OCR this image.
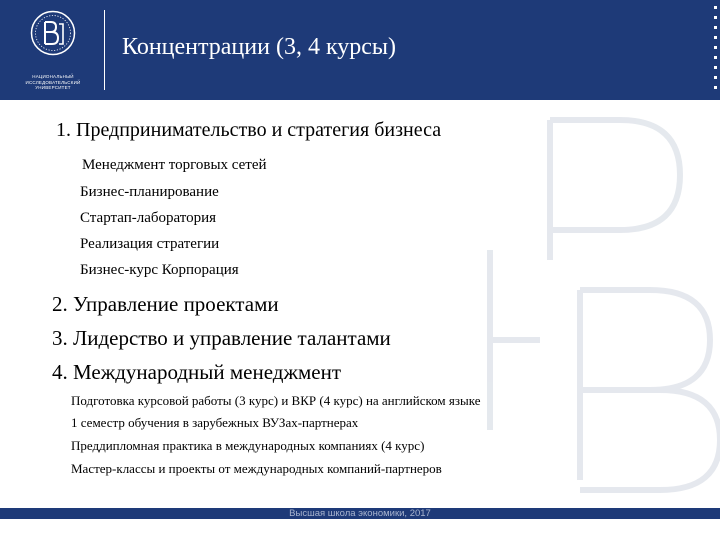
НАЦИОНАЛЬНЫЙ ИССЛЕДОВАТЕЛЬСКИЙ
УНИВЕРСИТЕТ
Концентрации (3, 4 курсы)
1. Предпринимательство и стратегия бизнеса
Менеджмент торговых сетей
Бизнес-планирование
Стартап-лаборатория
Реализация стратегии
Бизнес-курс Корпорация
2. Управление проектами
3. Лидерство и управление талантами
4. Международный менеджмент
Подготовка курсовой работы (3 курс) и ВКР (4 курс) на английском языке
1 семестр обучения в зарубежных ВУЗах-партнерах
Преддипломная практика в международных компаниях (4 курс)
Мастер-классы и проекты от международных компаний-партнеров
Высшая школа экономики, 2017
